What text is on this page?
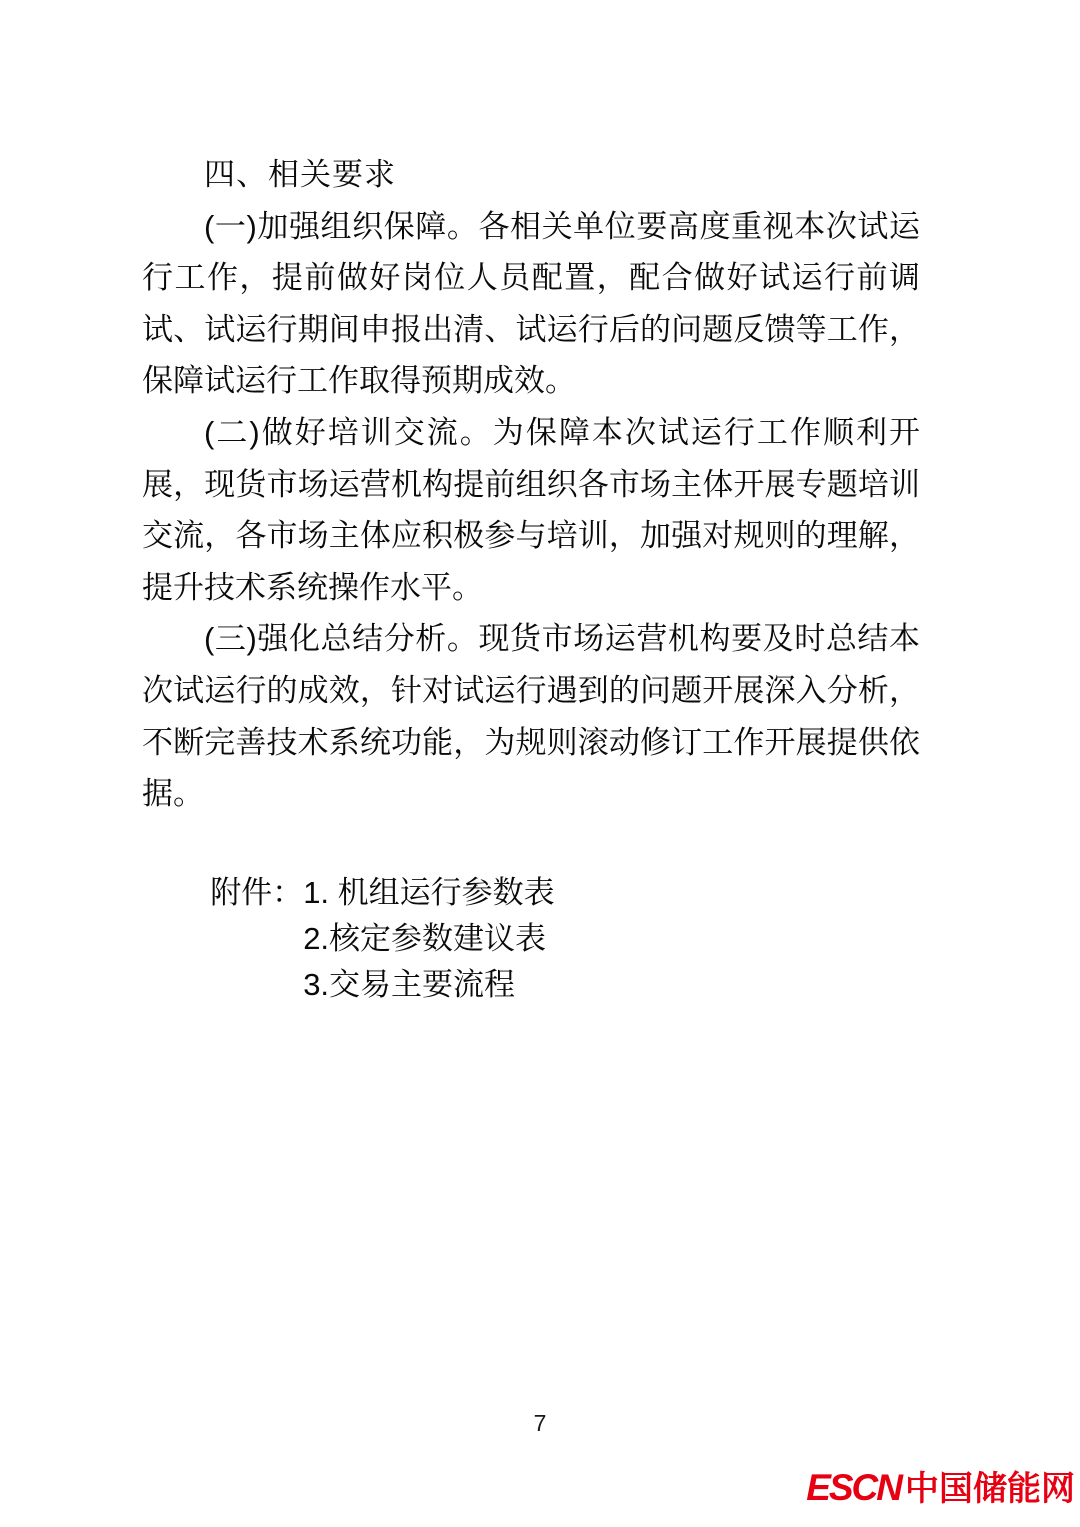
四、相关要求

(一)加强组织保障。各相关单位要高度重视本次试运行工作，提前做好岗位人员配置，配合做好试运行前调试、试运行期间申报出清、试运行后的问题反馈等工作，保障试运行工作取得预期成效。

(二)做好培训交流。为保障本次试运行工作顺利开展，现货市场运营机构提前组织各市场主体开展专题培训交流，各市场主体应积极参与培训，加强对规则的理解，提升技术系统操作水平。

(三)强化总结分析。现货市场运营机构要及时总结本次试运行的成效，针对试运行遇到的问题开展深入分析，不断完善技术系统功能，为规则滚动修订工作开展提供依据。

附件： 1. 机组运行参数表
2.核定参数建议表
3.交易主要流程
7
ESCN 中国储能网
